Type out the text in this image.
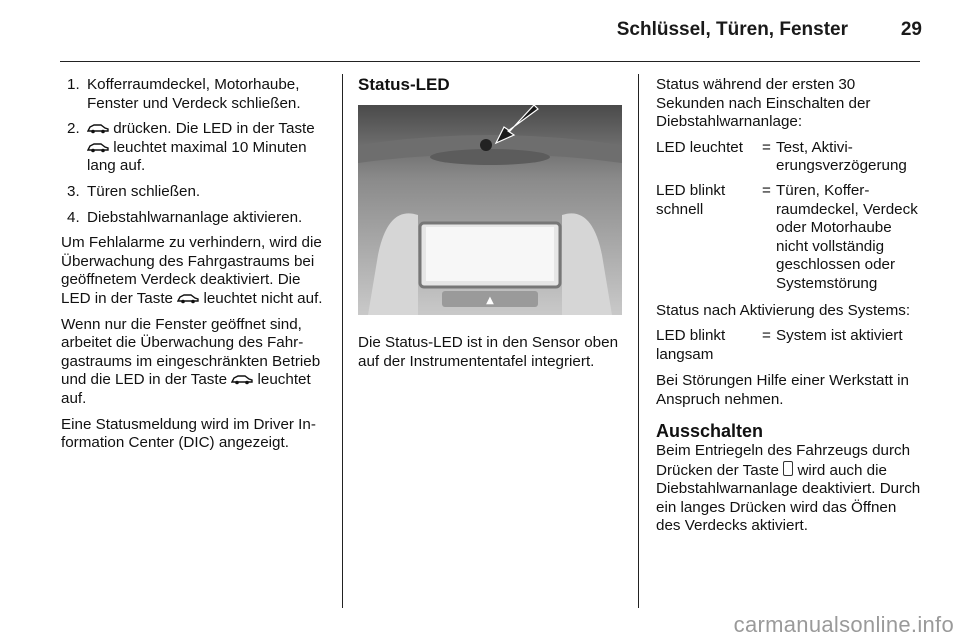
Schlüssel, Türen, Fenster	29
1. Kofferraumdeckel, Motorhaube, Fenster und Verdeck schließen.
2. drücken. Die LED in der Taste  leuchtet maximal 10 Minuten lang auf.
3. Türen schließen.
4. Diebstahlwarnanlage aktivieren.

Um Fehlalarme zu verhindern, wird die Überwachung des Fahrgastraums bei geöffnetem Verdeck deaktiviert. Die LED in der Taste leuchtet nicht auf.

Wenn nur die Fenster geöffnet sind, arbeitet die Überwachung des Fahrgastraums im eingeschränkten Betrieb und die LED in der Taste leuchtet auf.

Eine Statusmeldung wird im Driver Information Center (DIC) angezeigt.

Status-LED
▲

Die Status-LED ist in den Sensor oben auf der Instrumententafel integriert.

Status während der ersten 30 Sekunden nach Einschalten der Diebstahlwarnanlage:

LED leuchtet	= Test, Aktivierungsverzögerung
LED blinkt schnell
= Türen, Kofferraumdeckel, Verdeck oder Motorhaube nicht vollständig geschlossen oder Systemstörung

Status nach Aktivierung des Systems:

LED blinkt langsam
= System ist aktiviert

Bei Störungen Hilfe einer Werkstatt in Anspruch nehmen.

Ausschalten

Beim Entriegeln des Fahrzeugs durch Drücken der Taste wird auch die Diebstahlwarnanlage deaktiviert. Durch ein langes Drücken wird das Öffnen des Verdecks aktiviert.

carmanualsonline.info
